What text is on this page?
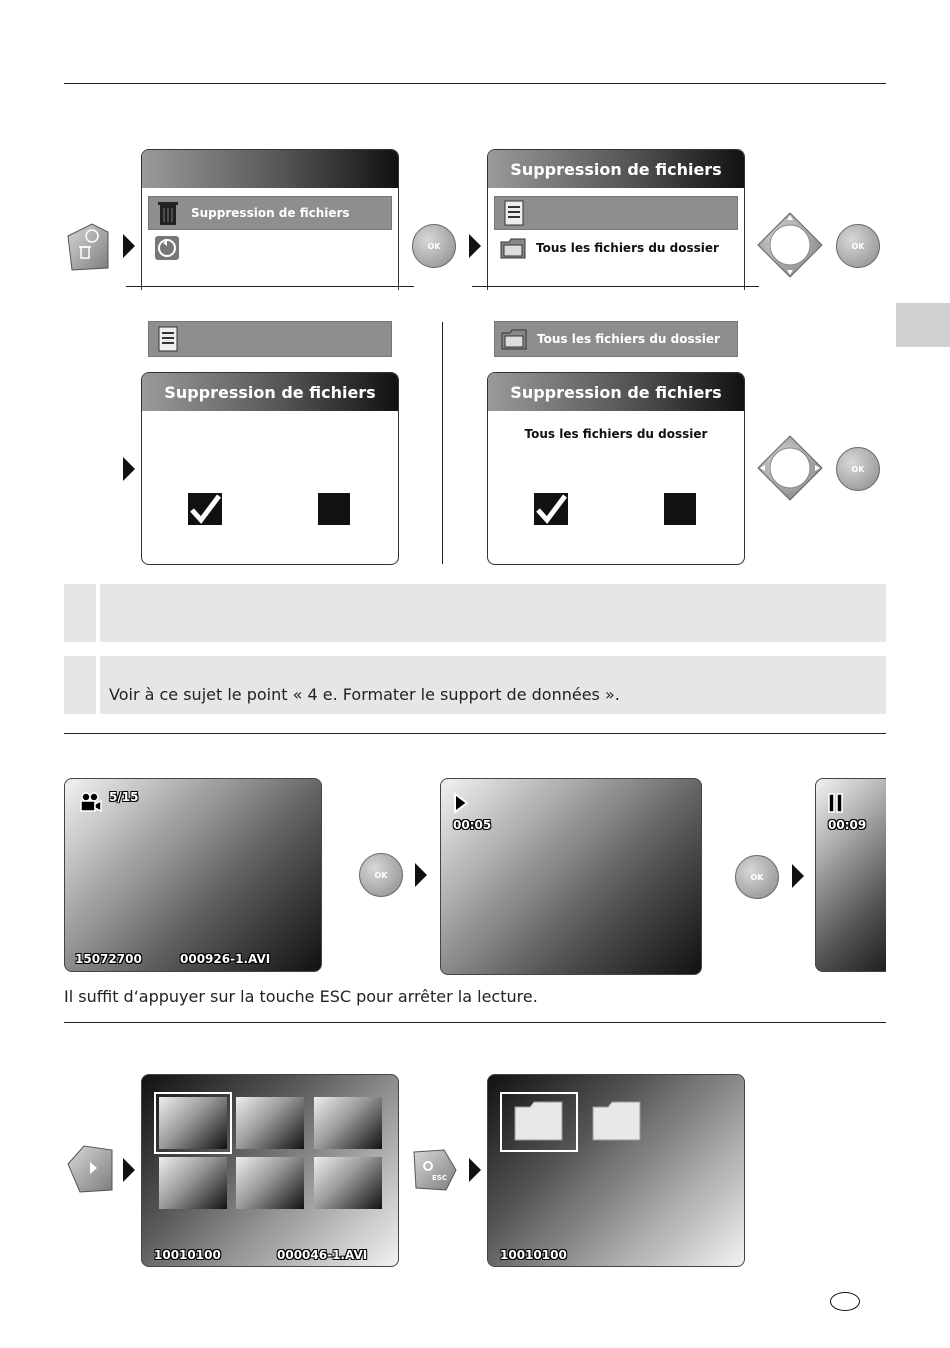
Suppression de fichiers
OK
Suppression de fichiers
Tous les fichiers du dossier	OK
Suppression de fichiers
Tous les fichiers du dossier
Suppression de fichiers
Tous les fichiers du dossier
OK
Voir à ce sujet le point « 4 e. Formater le support de données ».
5/15
15072700	000926-1.AVI
OK
00:05
OK
00:09
Il suffit d‘appuyer sur la touche ESC pour arrêter la lecture.
10010100	000046-1.AVI
ESC
10010100
